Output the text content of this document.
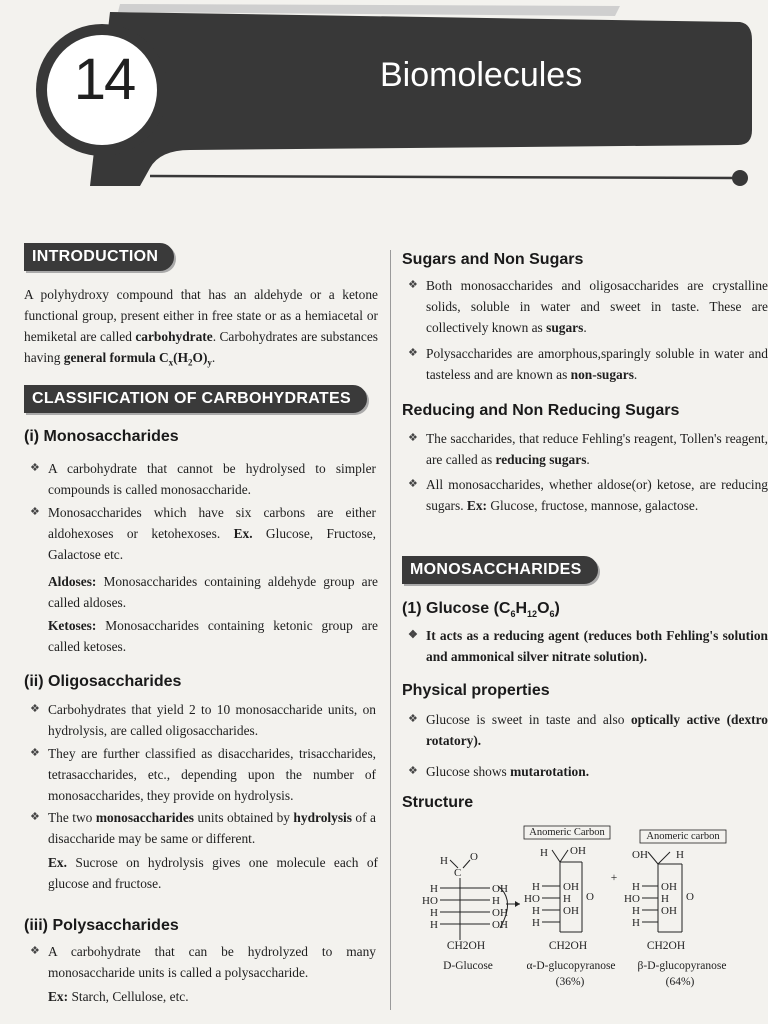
14	Biomolecules
INTRODUCTION
A polyhydroxy compound that has an aldehyde or a ketone functional group, present either in free state or as a hemiacetal or hemiketal are called carbohydrate. Carbohydrates are substances having general formula $C_x(H_2O)_y$.
CLASSIFICATION OF CARBOHYDRATES
(i) Monosaccharides
❖ A carbohydrate that cannot be hydrolysed to simpler compounds is called monosaccharide.
❖ Monosaccharides which have six carbons are either aldohexoses or ketohexoses. Ex. Glucose, Fructose, Galactose etc.
Aldoses: Monosaccharides containing aldehyde group are called aldoses.
Ketoses: Monosaccharides containing ketonic group are called ketoses.
(ii) Oligosaccharides
❖ Carbohydrates that yield 2 to 10 monosaccharide units, on hydrolysis, are called oligosaccharides.
❖ They are further classified as disaccharides, trisaccharides, tetrasaccharides, etc., depending upon the number of monosaccharides, they provide on hydrolysis.
❖ The two monosaccharides units obtained by hydrolysis of a disaccharide may be same or different.
Ex. Sucrose on hydrolysis gives one molecule each of glucose and fructose.
(iii) Polysaccharides
❖ A carbohydrate that can be hydrolyzed to many monosaccharide units is called a polysaccharide.
Ex: Starch, Cellulose, etc.
Sugars and Non Sugars
❖ Both monosaccharides and oligosaccharides are crystalline solids, soluble in water and sweet in taste. These are collectively known as sugars.
❖ Polysaccharides are amorphous,sparingly soluble in water and tasteless and are known as non-sugars.
Reducing and Non Reducing Sugars
❖ The saccharides, that reduce Fehling's reagent, Tollen's reagent, are called as reducing sugars.
❖ All monosaccharides, whether aldose(or) ketose, are reducing sugars. Ex: Glucose, fructose, mannose, galactose.
MONOSACCHARIDES
(1) Glucose $(C_6H_{12}O_6)$
❖ It acts as a reducing agent (reduces both Fehling's solution and ammonical silver nitrate solution).
Physical properties
❖ Glucose is sweet in taste and also optically active (dextro rotatory).
❖ Glucose shows mutarotation.
Structure
H
C
O
H	OH
HO	H
H	OH
H	OH
H OH
O
H OH
HO H
H OH
H
OH	H
O
H OH
HO H
H OH
H
Anomeric Carbon	Anomeric carbon
+
CH2OH	CH2OH	CH2OH
D-Glucose	α-D-glucopyranose
(36%)
β-D-glucopyranose
(64%)
